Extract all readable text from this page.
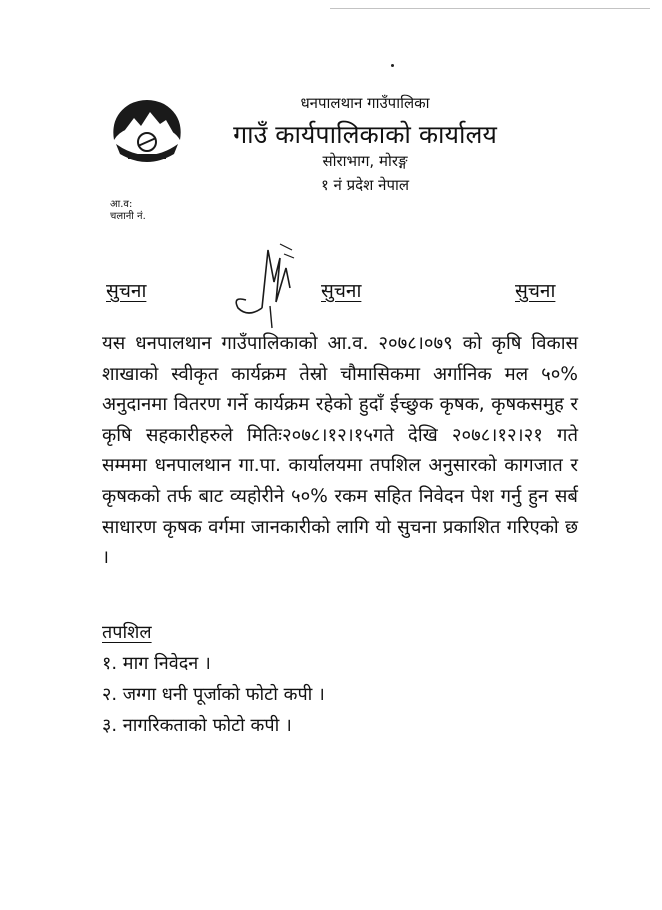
धनपालथान गाउँपालिका
गाउँ कार्यपालिकाको कार्यालय
सोराभाग, मोरङ्ग
१ नं प्रदेश नेपाल
आ.व:
चलानी नं.
सुचना	सुचना	सुचना

यस धनपालथान गाउँपालिकाको आ.व. २०७८।०७९ को कृषि विकास शाखाको स्वीकृत कार्यक्रम तेस्रो चौमासिकमा अर्गानिक मल ५०% अनुदानमा वितरण गर्ने कार्यक्रम रहेको हुदाँ ईच्छुक कृषक, कृषकसमुह र कृषि सहकारीहरुले मितिः२०७८।१२।१५गते देखि २०७८।१२।२१ गते सम्ममा धनपालथान गा.पा. कार्यालयमा तपशिल अनुसारको कागजात र कृषकको तर्फ बाट व्यहोरीने ५०% रकम सहित निवेदन पेश गर्नु हुन सर्ब साधारण कृषक वर्गमा जानकारीको लागि यो सुचना प्रकाशित गरिएको छ ।

तपशिल
१. माग निवेदन ।
२. जग्गा धनी पूर्जाको फोटो कपी ।
३. नागरिकताको फोटो कपी ।
